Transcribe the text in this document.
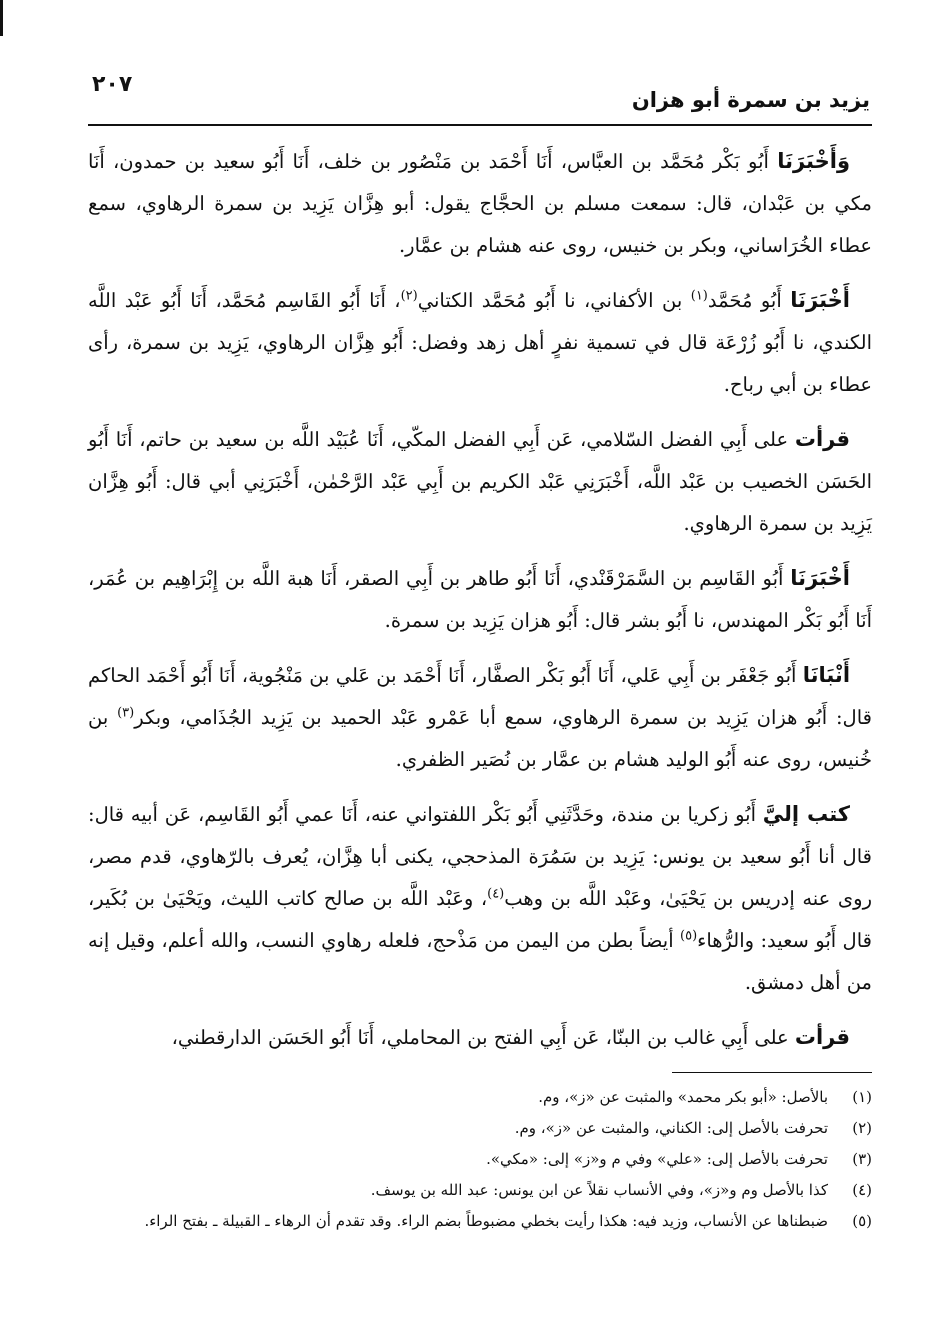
٢٠٧
يزيد بن سمرة أبو هزان

وَأَخْبَرَنَا أَبُو بَكْر مُحَمَّد بن العبَّاس، أَنَا أَحْمَد بن مَنْصُور بن خلف، أَنَا أَبُو سعيد بن حمدون، أَنَا مكي بن عَبْدان، قال: سمعت مسلم بن الحجَّاج يقول: أبو هِزَّان يَزِيد بن سمرة الرهاوي، سمع عطاء الخُرَاساني، وبكر بن خنيس، روى عنه هشام بن عمَّار.

أَخْبَرَنَا أَبُو مُحَمَّد$^{(١)}$ بن الأكفاني، نا أَبُو مُحَمَّد الكتاني$^{(٢)}$، أَنَا أَبُو القَاسِم مُحَمَّد، أَنَا أَبُو عَبْد اللَّه الكندي، نا أَبُو زُرْعَة قال في تسمية نفرٍ أهل زهد وفضل: أَبُو هِزَّان الرهاوي، يَزِيد بن سمرة، رأى عطاء بن أبي رباح.

قرأت على أَبِي الفضل السّلامي، عَن أَبِي الفضل المكّي، أَنَا عُبَيْد اللَّه بن سعيد بن حاتم، أَنَا أَبُو الحَسَن الخصيب بن عَبْد اللَّه، أَخْبَرَنِي عَبْد الكريم بن أَبِي عَبْد الرَّحْمٰن، أَخْبَرَنِي أبي قال: أَبُو هِزَّان يَزِيد بن سمرة الرهاوي.

أَخْبَرَنَا أَبُو القَاسِم بن السَّمَرْقَنْدي، أَنَا أَبُو طاهر بن أَبِي الصقر، أَنَا هبة اللَّه بن إِبْرَاهِيم بن عُمَر، أَنَا أَبُو بَكْر المهندس، نا أَبُو بشر قال: أَبُو هزان يَزِيد بن سمرة.

أَنْبَانَا أَبُو جَعْفَر بن أَبِي عَلي، أَنَا أَبُو بَكْر الصفَّار، أَنَا أَحْمَد بن عَلي بن مَنْجُوية، أَنَا أَبُو أَحْمَد الحاكم قال: أَبُو هزان يَزِيد بن سمرة الرهاوي، سمع أبا عَمْرو عَبْد الحميد بن يَزِيد الجُذَامي، وبكر$^{(٣)}$ بن خُنيس، روى عنه أَبُو الوليد هشام بن عمَّار بن نُصَير الظفري.

كتب إليَّ أَبُو زكريا بن مندة، وحَدَّثَنِي أَبُو بَكْر اللفتواني عنه، أَنَا عمي أَبُو القَاسِم، عَن أبيه قال: قال أنا أَبُو سعيد بن يونس: يَزِيد بن سَمُرَة المذحجي، يكنى أبا هِزَّان، يُعرف بالرّهاوي، قدم مصر، روى عنه إدريس بن يَحْيَىٰ، وعَبْد اللَّه بن وهب$^{(٤)}$، وعَبْد اللَّه بن صالح كاتب الليث، ويَحْيَىٰ بن بُكَير، قال أَبُو سعيد: والرُّهاء$^{(٥)}$ أيضاً بطن من اليمن من مَذْحج، فلعله رهاوي النسب، والله أعلم، وقيل إنه من أهل دمشق.

قرأت على أَبِي غالب بن البنّا، عَن أَبِي الفتح بن المحاملي، أَنَا أَبُو الحَسَن الدارقطني،

(١)
بالأصل: «أبو بكر محمد» والمثبت عن «ز»، وم.

(٢)
تحرفت بالأصل إلى: الكناني، والمثبت عن «ز»، وم.

(٣)
تحرفت بالأصل إلى: «علي» وفي م و«ز» إلى: «مكي».

(٤)
كذا بالأصل وم و«ز»، وفي الأنساب نقلاً عن ابن يونس: عبد الله بن يوسف.

(٥)
ضبطناها عن الأنساب، وزيد فيه: هكذا رأيت بخطي مضبوطاً بضم الراء. وقد تقدم أن الرهاء ـ القبيلة ـ بفتح الراء.
